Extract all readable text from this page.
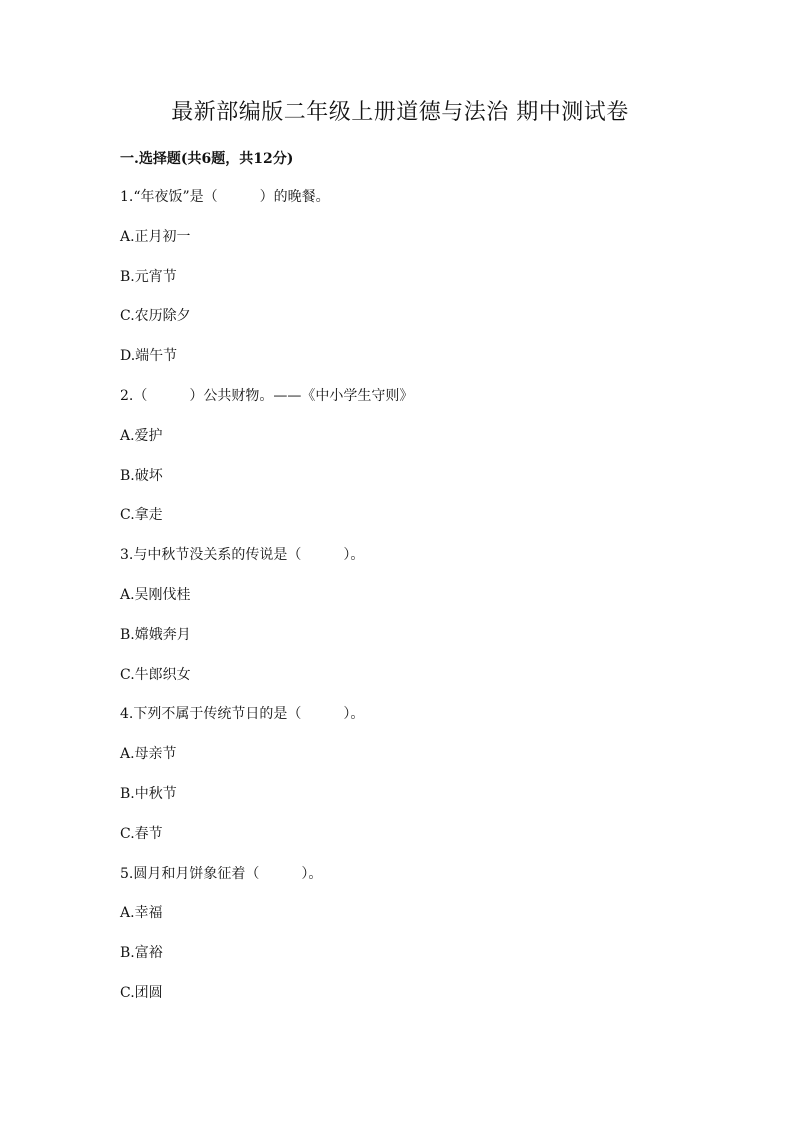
最新部编版二年级上册道德与法治 期中测试卷
一.选择题(共6题，共12分)
1.“年夜饭”是（　　　）的晚餐。
A.正月初一
B.元宵节
C.农历除夕
D.端午节
2.（　　　）公共财物。——《中小学生守则》
A.爱护
B.破坏
C.拿走
3.与中秋节没关系的传说是（　　　）。
A.吴刚伐桂
B.嫦娥奔月
C.牛郎织女
4.下列不属于传统节日的是（　　　）。
A.母亲节
B.中秋节
C.春节
5.圆月和月饼象征着（　　　）。
A.幸福
B.富裕
C.团圆
